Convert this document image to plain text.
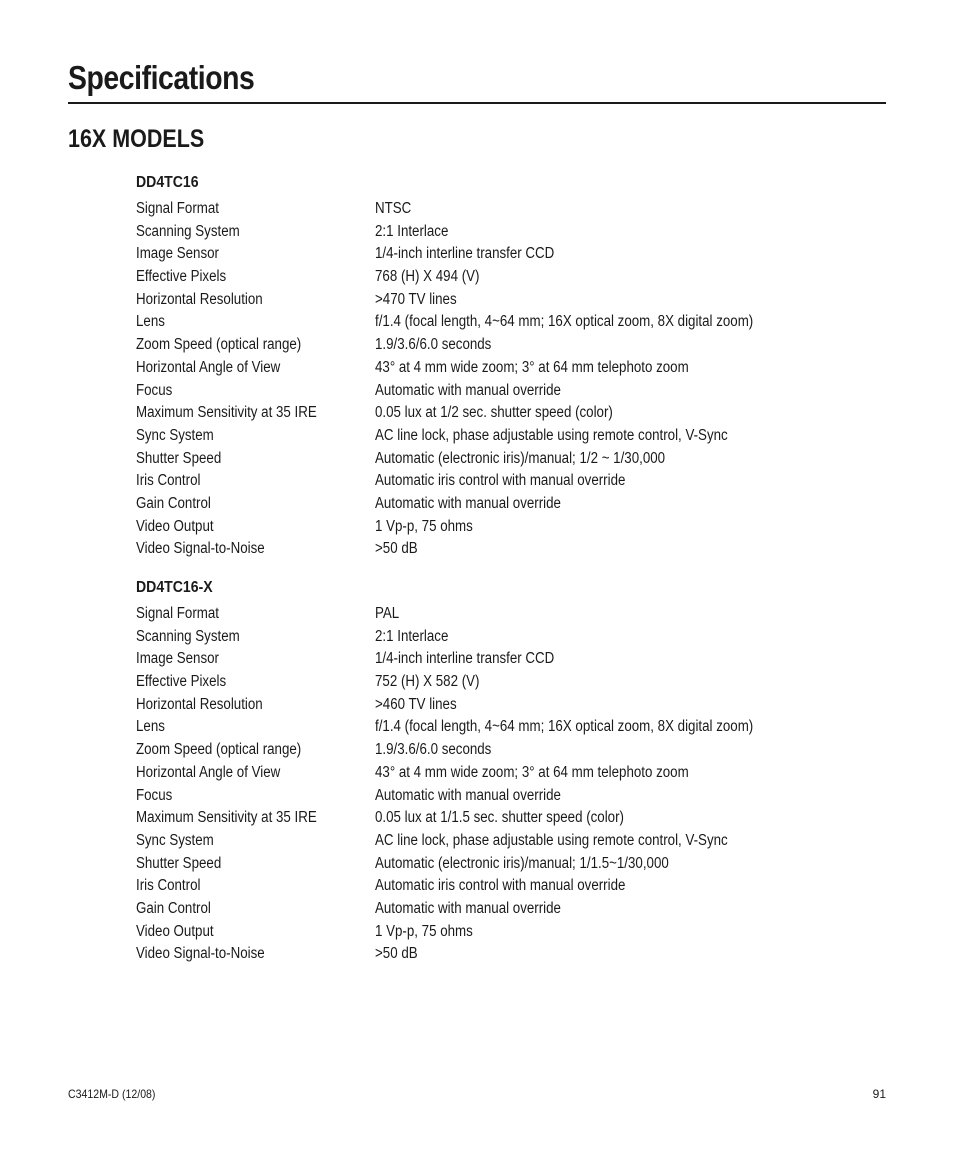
Specifications
16X MODELS
DD4TC16
Signal Format	NTSC
Scanning System	2:1 Interlace
Image Sensor	1/4-inch interline transfer CCD
Effective Pixels	768 (H) X 494 (V)
Horizontal Resolution	>470 TV lines
Lens	f/1.4 (focal length, 4~64 mm; 16X optical zoom, 8X digital zoom)
Zoom Speed (optical range)	1.9/3.6/6.0 seconds
Horizontal Angle of View	43° at 4 mm wide zoom; 3° at 64 mm telephoto zoom
Focus	Automatic with manual override
Maximum Sensitivity at 35 IRE	0.05 lux at 1/2 sec. shutter speed (color)
Sync System	AC line lock, phase adjustable using remote control, V-Sync
Shutter Speed	Automatic (electronic iris)/manual; 1/2 ~ 1/30,000
Iris Control	Automatic iris control with manual override
Gain Control	Automatic with manual override
Video Output	1 Vp-p, 75 ohms
Video Signal-to-Noise	>50 dB
DD4TC16-X
Signal Format	PAL
Scanning System	2:1 Interlace
Image Sensor	1/4-inch interline transfer CCD
Effective Pixels	752 (H) X 582 (V)
Horizontal Resolution	>460 TV lines
Lens	f/1.4 (focal length, 4~64 mm; 16X optical zoom, 8X digital zoom)
Zoom Speed (optical range)	1.9/3.6/6.0 seconds
Horizontal Angle of View	43° at 4 mm wide zoom; 3° at 64 mm telephoto zoom
Focus	Automatic with manual override
Maximum Sensitivity at 35 IRE	0.05 lux at 1/1.5 sec. shutter speed (color)
Sync System	AC line lock, phase adjustable using remote control, V-Sync
Shutter Speed	Automatic (electronic iris)/manual; 1/1.5~1/30,000
Iris Control	Automatic iris control with manual override
Gain Control	Automatic with manual override
Video Output	1 Vp-p, 75 ohms
Video Signal-to-Noise	>50 dB
C3412M-D (12/08)	91
